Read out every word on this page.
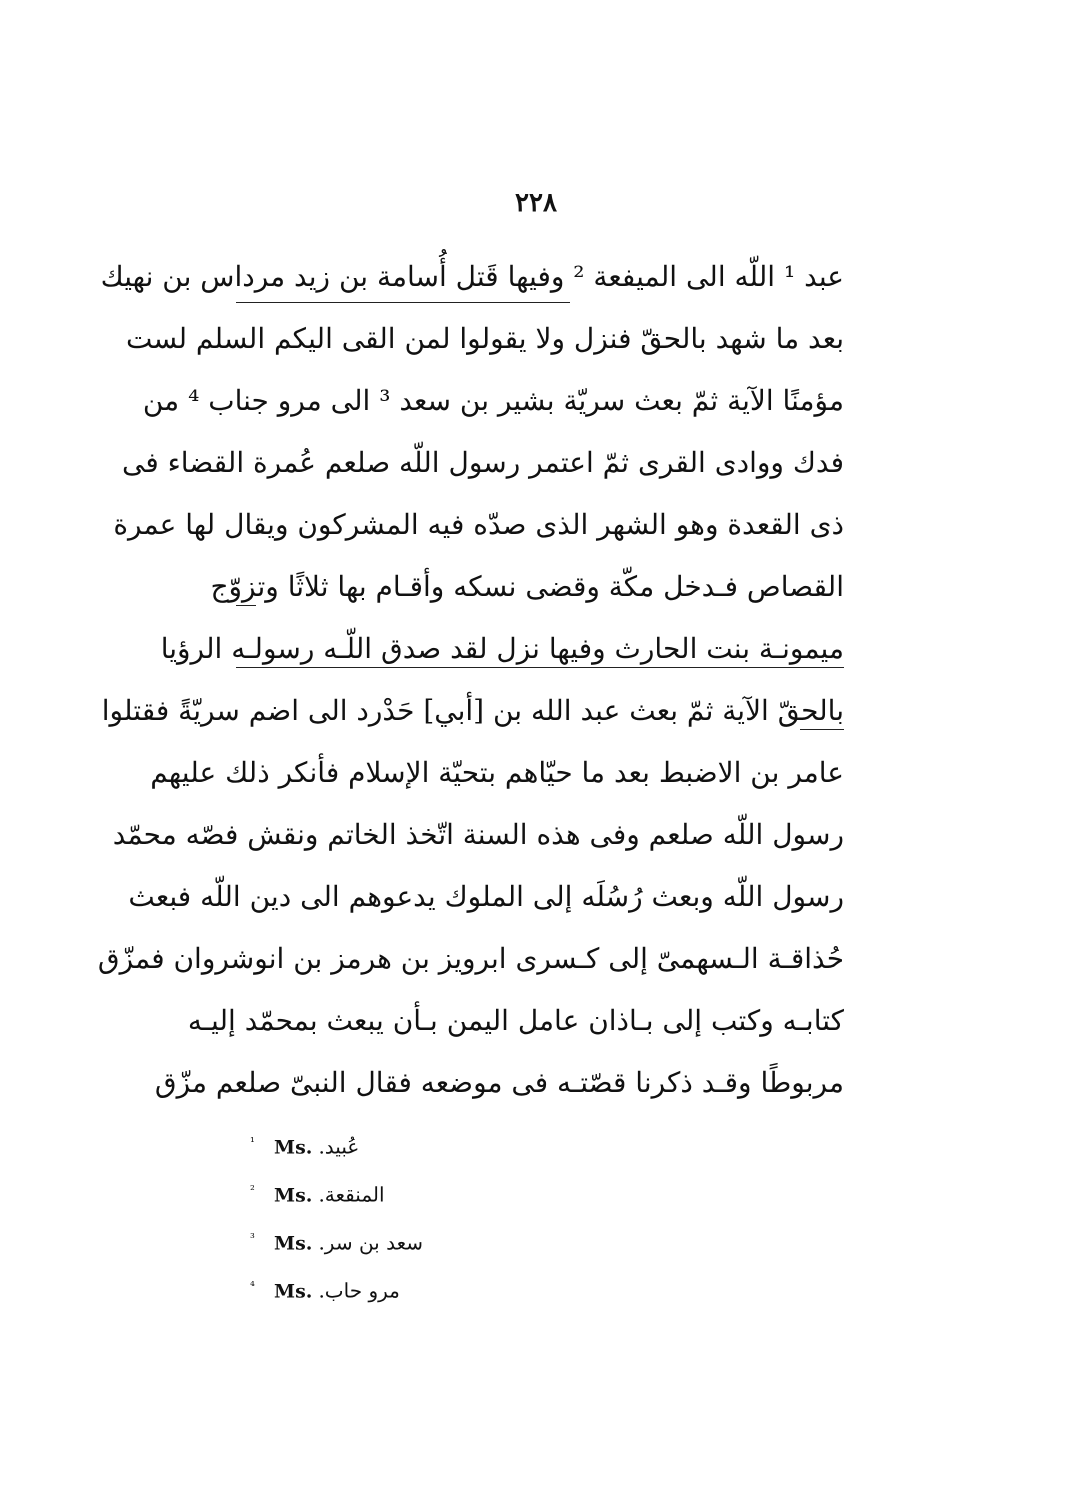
٢٢٨
عبد ¹ اللّه الى الميفعة ² وفيها قَتل أُسامة بن زيد مرداس بن نهيك
بعد ما شهد بالحقّ فنزل ولا يقولوا لمن القى اليكم السلم لست
مؤمنًا الآية ثمّ بعث سريّة بشير بن سعد ³ الى مرو جناب ⁴ من
فدك ووادى القرى ثمّ اعتمر رسول اللّه صلعم عُمرة القضاء فى
ذى القعدة وهو الشهر الذى صدّه فيه المشركون ويقال لها عمرة
القصاص فـدخل مكّة وقضى نسكه وأقـام بها ثلاثًا وتزوّج
ميمونـة بنت الحارث وفيها نزل لقد صدق اللّـه رسولـه الرؤيا
بالحقّ الآية ثمّ بعث عبد الله بن [أبي] حَدْرد الى اضم سريّةً فقتلوا
عامر بن الاضبط بعد ما حيّاهم بتحيّة الإسلام فأنكر ذلك عليهم
رسول اللّه صلعم وفى هذه السنة اتّخذ الخاتم ونقش فصّه محمّد
رسول اللّه وبعث رُسُلَه إلى الملوك يدعوهم الى دين اللّه فبعث
حُذاقـة الـسهمىّ إلى كـسرى ابرويز بن هرمز بن انوشروان فمزّق
كتابـه وكتب إلى بـاذان عامل اليمن بـأن يبعث بمحمّد إليـه
مربوطًا وقـد ذكرنا قصّتـه فى موضعه فقال النبىّ صلعم مزّق
¹ Ms. عُبيد.
² Ms. المنقعة.
³ Ms. سعد بن سر.
⁴ Ms. مرو حاب.
